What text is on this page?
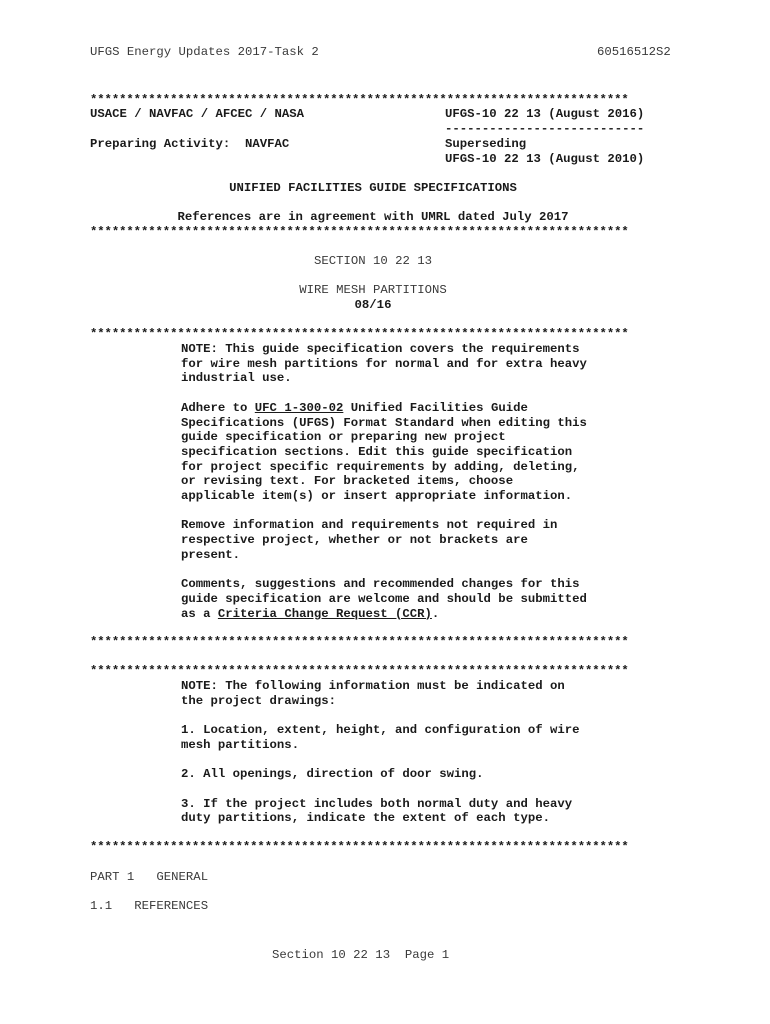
UFGS Energy Updates 2017-Task 2	60516512S2
**************************************************************************
USACE / NAVFAC / AFCEC / NASA	UFGS-10 22 13 (August 2016)
---------------------------
Preparing Activity:  NAVFAC	Superseding
UFGS-10 22 13 (August 2010)
UNIFIED FACILITIES GUIDE SPECIFICATIONS
References are in agreement with UMRL dated July 2017
**************************************************************************
SECTION 10 22 13
WIRE MESH PARTITIONS
08/16
**************************************************************************

NOTE: This guide specification covers the requirements for wire mesh partitions for normal and for extra heavy industrial use.

Adhere to UFC 1-300-02 Unified Facilities Guide Specifications (UFGS) Format Standard when editing this guide specification or preparing new project specification sections. Edit this guide specification for project specific requirements by adding, deleting, or revising text. For bracketed items, choose applicable item(s) or insert appropriate information.

Remove information and requirements not required in respective project, whether or not brackets are present.

Comments, suggestions and recommended changes for this guide specification are welcome and should be submitted as a Criteria Change Request (CCR).

**************************************************************************
**************************************************************************

NOTE: The following information must be indicated on the project drawings:

1. Location, extent, height, and configuration of wire mesh partitions.

2. All openings, direction of door swing.

3. If the project includes both normal duty and heavy duty partitions, indicate the extent of each type.

**************************************************************************
PART 1   GENERAL
1.1   REFERENCES
Section 10 22 13  Page 1
